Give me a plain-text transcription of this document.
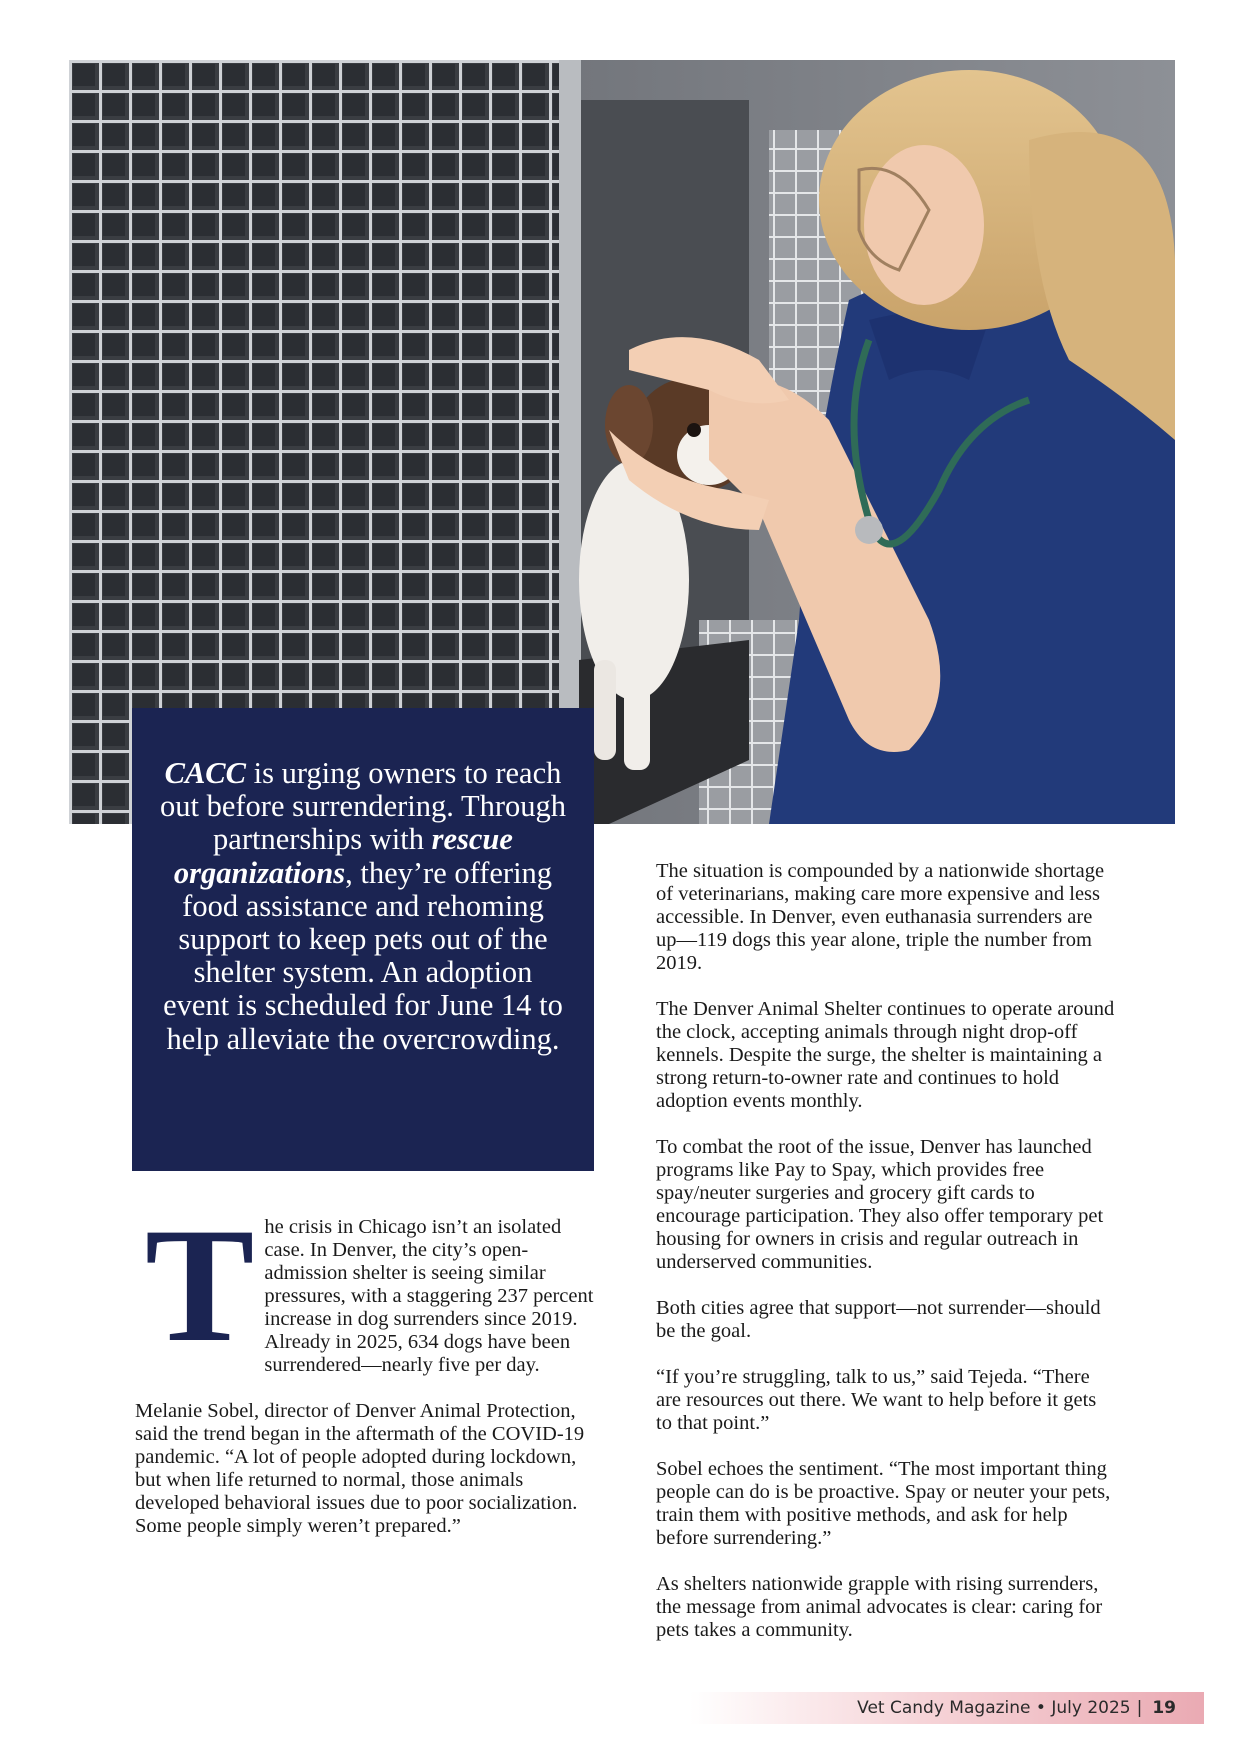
CACC is urging owners to reach out before surrendering. Through partnerships with rescue organizations, they’re offering food assistance and rehoming support to keep pets out of the shelter system. An adoption event is scheduled for June 14 to help alleviate the overcrowding.

The crisis in Chicago isn’t an isolated case. In Denver, the city’s open-admission shelter is seeing similar pressures, with a staggering 237 percent increase in dog surrenders since 2019. Already in 2025, 634 dogs have been surrendered—nearly five per day.

Melanie Sobel, director of Denver Animal Protection, said the trend began in the aftermath of the COVID-19 pandemic. “A lot of people adopted during lockdown, but when life returned to normal, those animals developed behavioral issues due to poor socialization. Some people simply weren’t prepared.”

The situation is compounded by a nationwide shortage of veterinarians, making care more expensive and less accessible. In Denver, even euthanasia surrenders are up—119 dogs this year alone, triple the number from 2019.

The Denver Animal Shelter continues to operate around the clock, accepting animals through night drop-off kennels. Despite the surge, the shelter is maintaining a strong return-to-owner rate and continues to hold adoption events monthly.

To combat the root of the issue, Denver has launched programs like Pay to Spay, which provides free spay/neuter surgeries and grocery gift cards to encourage participation. They also offer temporary pet housing for owners in crisis and regular outreach in underserved communities.

Both cities agree that support—not surrender—should be the goal.

“If you’re struggling, talk to us,” said Tejeda. “There are resources out there. We want to help before it gets to that point.”

Sobel echoes the sentiment. “The most important thing people can do is be proactive. Spay or neuter your pets, train them with positive methods, and ask for help before surrendering.”

As shelters nationwide grapple with rising surrenders, the message from animal advocates is clear: caring for pets takes a community.

Vet Candy Magazine
•
July 2025 | 19
